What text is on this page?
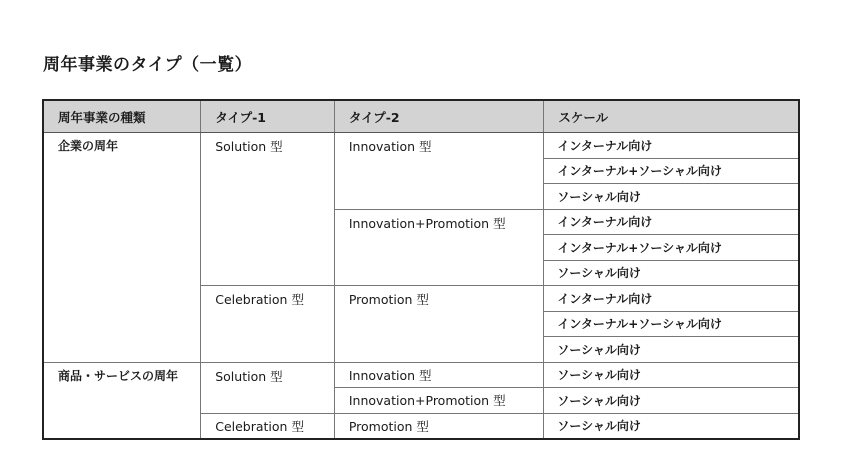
周年事業のタイプ（一覧）
周年事業の種類	タイプ-1	タイプ-2	スケール
企業の周年	Solution 型	Innovation 型	インターナル向け
			インターナル+ソーシャル向け
			ソーシャル向け
		Innovation+Promotion 型	インターナル向け
			インターナル+ソーシャル向け
			ソーシャル向け
	Celebration 型	Promotion 型	インターナル向け
			インターナル+ソーシャル向け
			ソーシャル向け
商品・サービスの周年	Solution 型	Innovation 型	ソーシャル向け
		Innovation+Promotion 型	ソーシャル向け
	Celebration 型	Promotion 型	ソーシャル向け
